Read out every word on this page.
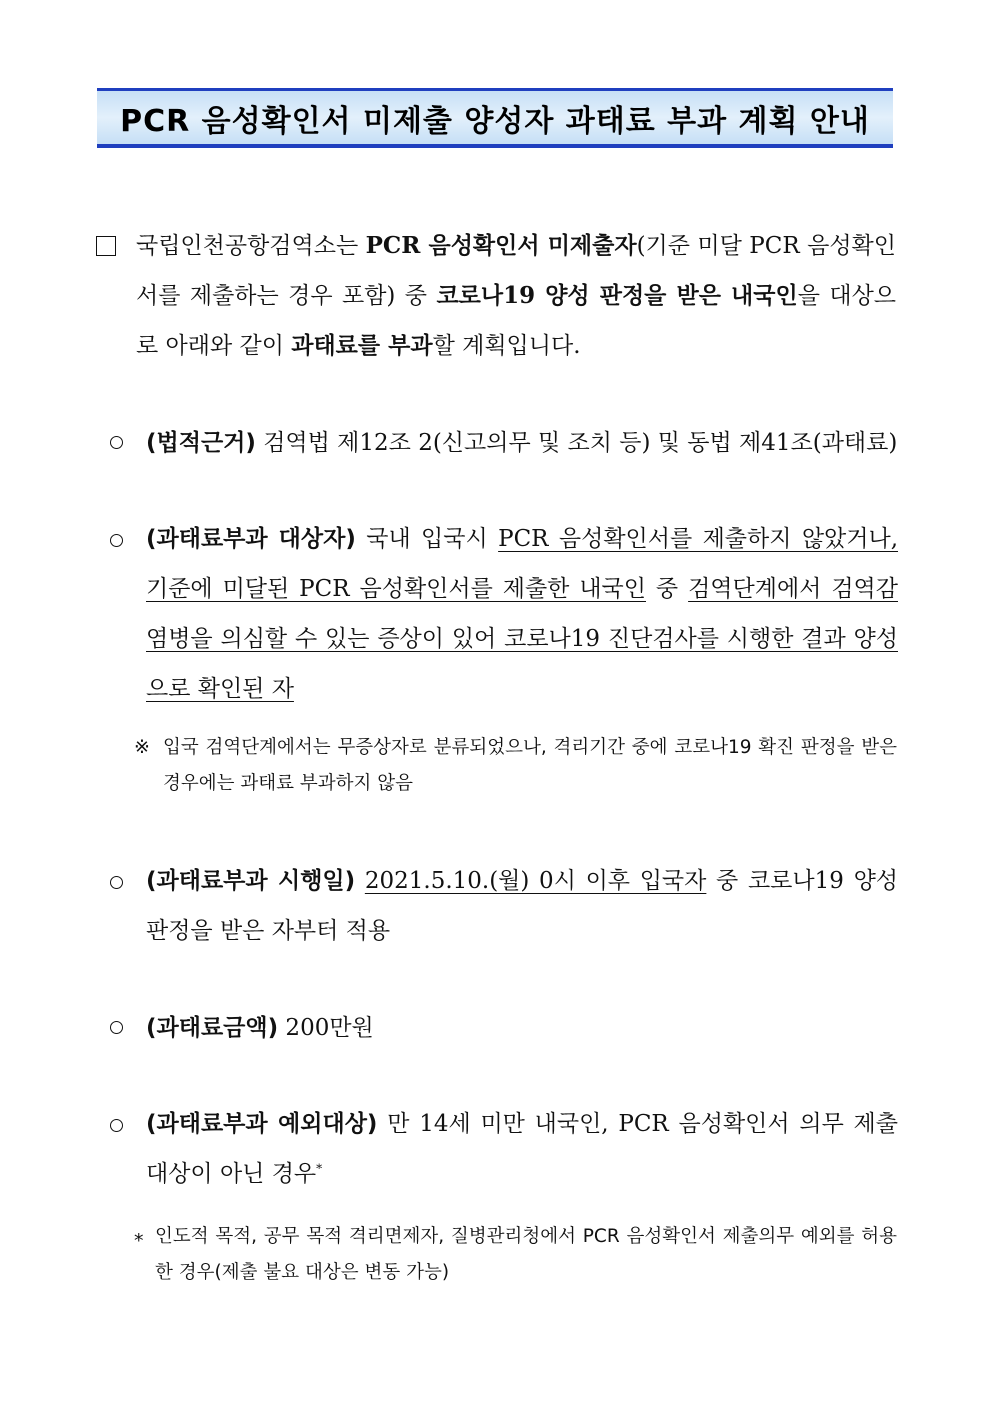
PCR 음성확인서 미제출 양성자 과태료 부과 계획 안내

국립인천공항검역소는 PCR 음성확인서 미제출자(기준 미달 PCR 음성확인서를 제출하는 경우 포함) 중 코로나19 양성 판정을 받은 내국인을 대상으로 아래와 같이 과태료를 부과할 계획입니다.

(법적근거) 검역법 제12조 2(신고의무 및 조치 등) 및 동법 제41조(과태료)

(과태료부과 대상자) 국내 입국시 PCR 음성확인서를 제출하지 않았거나, 기준에 미달된 PCR 음성확인서를 제출한 내국인 중 검역단계에서 검역감염병을 의심할 수 있는 증상이 있어 코로나19 진단검사를 시행한 결과 양성으로 확인된 자

※ 입국 검역단계에서는 무증상자로 분류되었으나, 격리기간 중에 코로나19 확진 판정을 받은 경우에는 과태료 부과하지 않음

(과태료부과 시행일) 2021.5.10.(월) 0시 이후 입국자 중 코로나19 양성 판정을 받은 자부터 적용

(과태료금액) 200만원

(과태료부과 예외대상) 만 14세 미만 내국인, PCR 음성확인서 의무 제출 대상이 아닌 경우*

* 인도적 목적, 공무 목적 격리면제자, 질병관리청에서 PCR 음성확인서 제출의무 예외를 허용한 경우(제출 불요 대상은 변동 가능)
